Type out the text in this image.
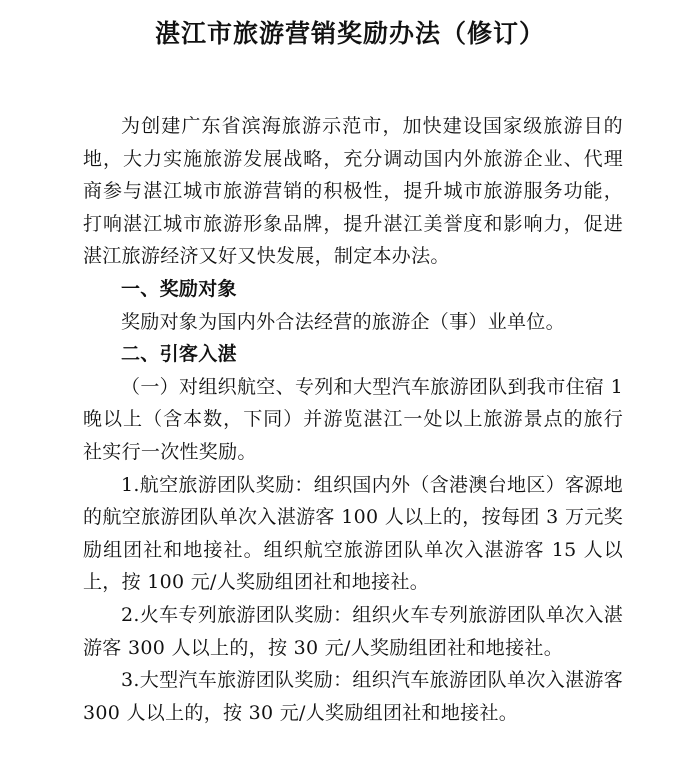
湛江市旅游营销奖励办法（修订）

为创建广东省滨海旅游示范市，加快建设国家级旅游目的地，大力实施旅游发展战略，充分调动国内外旅游企业、代理商参与湛江城市旅游营销的积极性，提升城市旅游服务功能，打响湛江城市旅游形象品牌，提升湛江美誉度和影响力，促进湛江旅游经济又好又快发展，制定本办法。

一、奖励对象

奖励对象为国内外合法经营的旅游企（事）业单位。

二、引客入湛

（一）对组织航空、专列和大型汽车旅游团队到我市住宿 1 晚以上（含本数，下同）并游览湛江一处以上旅游景点的旅行社实行一次性奖励。

1.航空旅游团队奖励：组织国内外（含港澳台地区）客源地的航空旅游团队单次入湛游客 100 人以上的，按每团 3 万元奖励组团社和地接社。组织航空旅游团队单次入湛游客 15 人以上，按 100 元/人奖励组团社和地接社。

2.火车专列旅游团队奖励：组织火车专列旅游团队单次入湛游客 300 人以上的，按 30 元/人奖励组团社和地接社。

3.大型汽车旅游团队奖励：组织汽车旅游团队单次入湛游客 300 人以上的，按 30 元/人奖励组团社和地接社。
